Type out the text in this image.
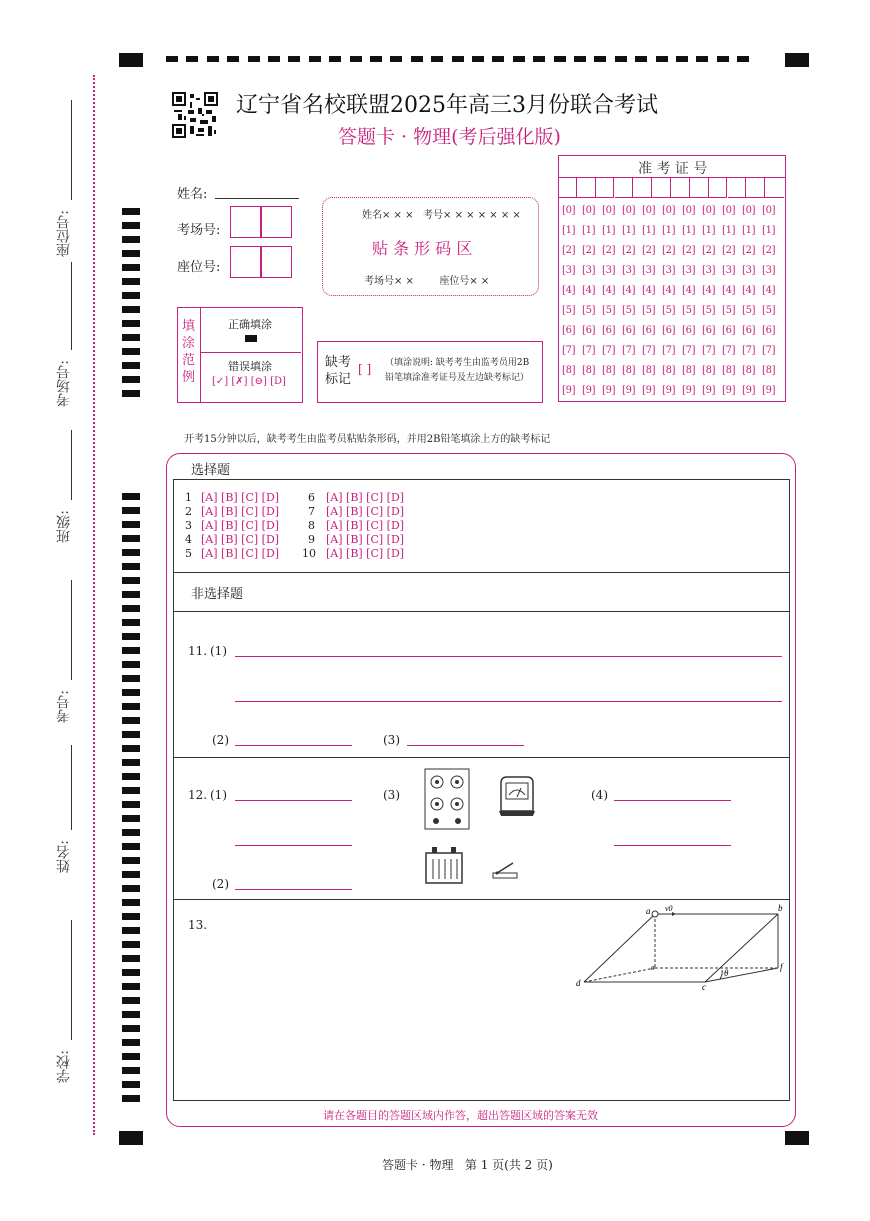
座位号:
考场号:
班级:
考号:
姓名:
学校:
辽宁省名校联盟2025年高三3月份联合考试
答题卡 · 物理(考后强化版)
姓名:
考场号:
座位号:
姓名× × ×   考号× × × × × × ×
贴 条 形 码 区
考场号× ×        座位号× ×
准 考 证 号
[0] [0] [0] [0] [0] [0] [0] [0] [0] [0] [0]
[1] [1] [1] [1] [1] [1] [1] [1] [1] [1] [1]
[2] [2] [2] [2] [2] [2] [2] [2] [2] [2] [2]
[3] [3] [3] [3] [3] [3] [3] [3] [3] [3] [3]
[4] [4] [4] [4] [4] [4] [4] [4] [4] [4] [4]
[5] [5] [5] [5] [5] [5] [5] [5] [5] [5] [5]
[6] [6] [6] [6] [6] [6] [6] [6] [6] [6] [6]
[7] [7] [7] [7] [7] [7] [7] [7] [7] [7] [7]
[8] [8] [8] [8] [8] [8] [8] [8] [8] [8] [8]
[9] [9] [9] [9] [9] [9] [9] [9] [9] [9] [9]
填涂范例
正确填涂
错误填涂
[✓] [✗] [⊖] [D]
缺考标记
[ ] （填涂说明: 缺考考生由监考员用2B铅笔填涂准考证号及左边缺考标记）
开考15分钟以后，缺考考生由监考员粘贴条形码，并用2B铅笔填涂上方的缺考标记
选择题
1 [A] [B] [C] [D]	6 [A] [B] [C] [D]
2 [A] [B] [C] [D]	7 [A] [B] [C] [D]
3 [A] [B] [C] [D]	8 [A] [B] [C] [D]
4 [A] [B] [C] [D]	9 [A] [B] [C] [D]
5 [A] [B] [C] [D] 10 [A] [B] [C] [D]
非选择题
11. (1)
(2)	(3)
12. (1)
(2)
(3)	(4)
13.
a	b
d	c
e	f
v0
θ
请在各题目的答题区域内作答，超出答题区域的答案无效
答题卡 · 物理   第 1 页(共 2 页)
